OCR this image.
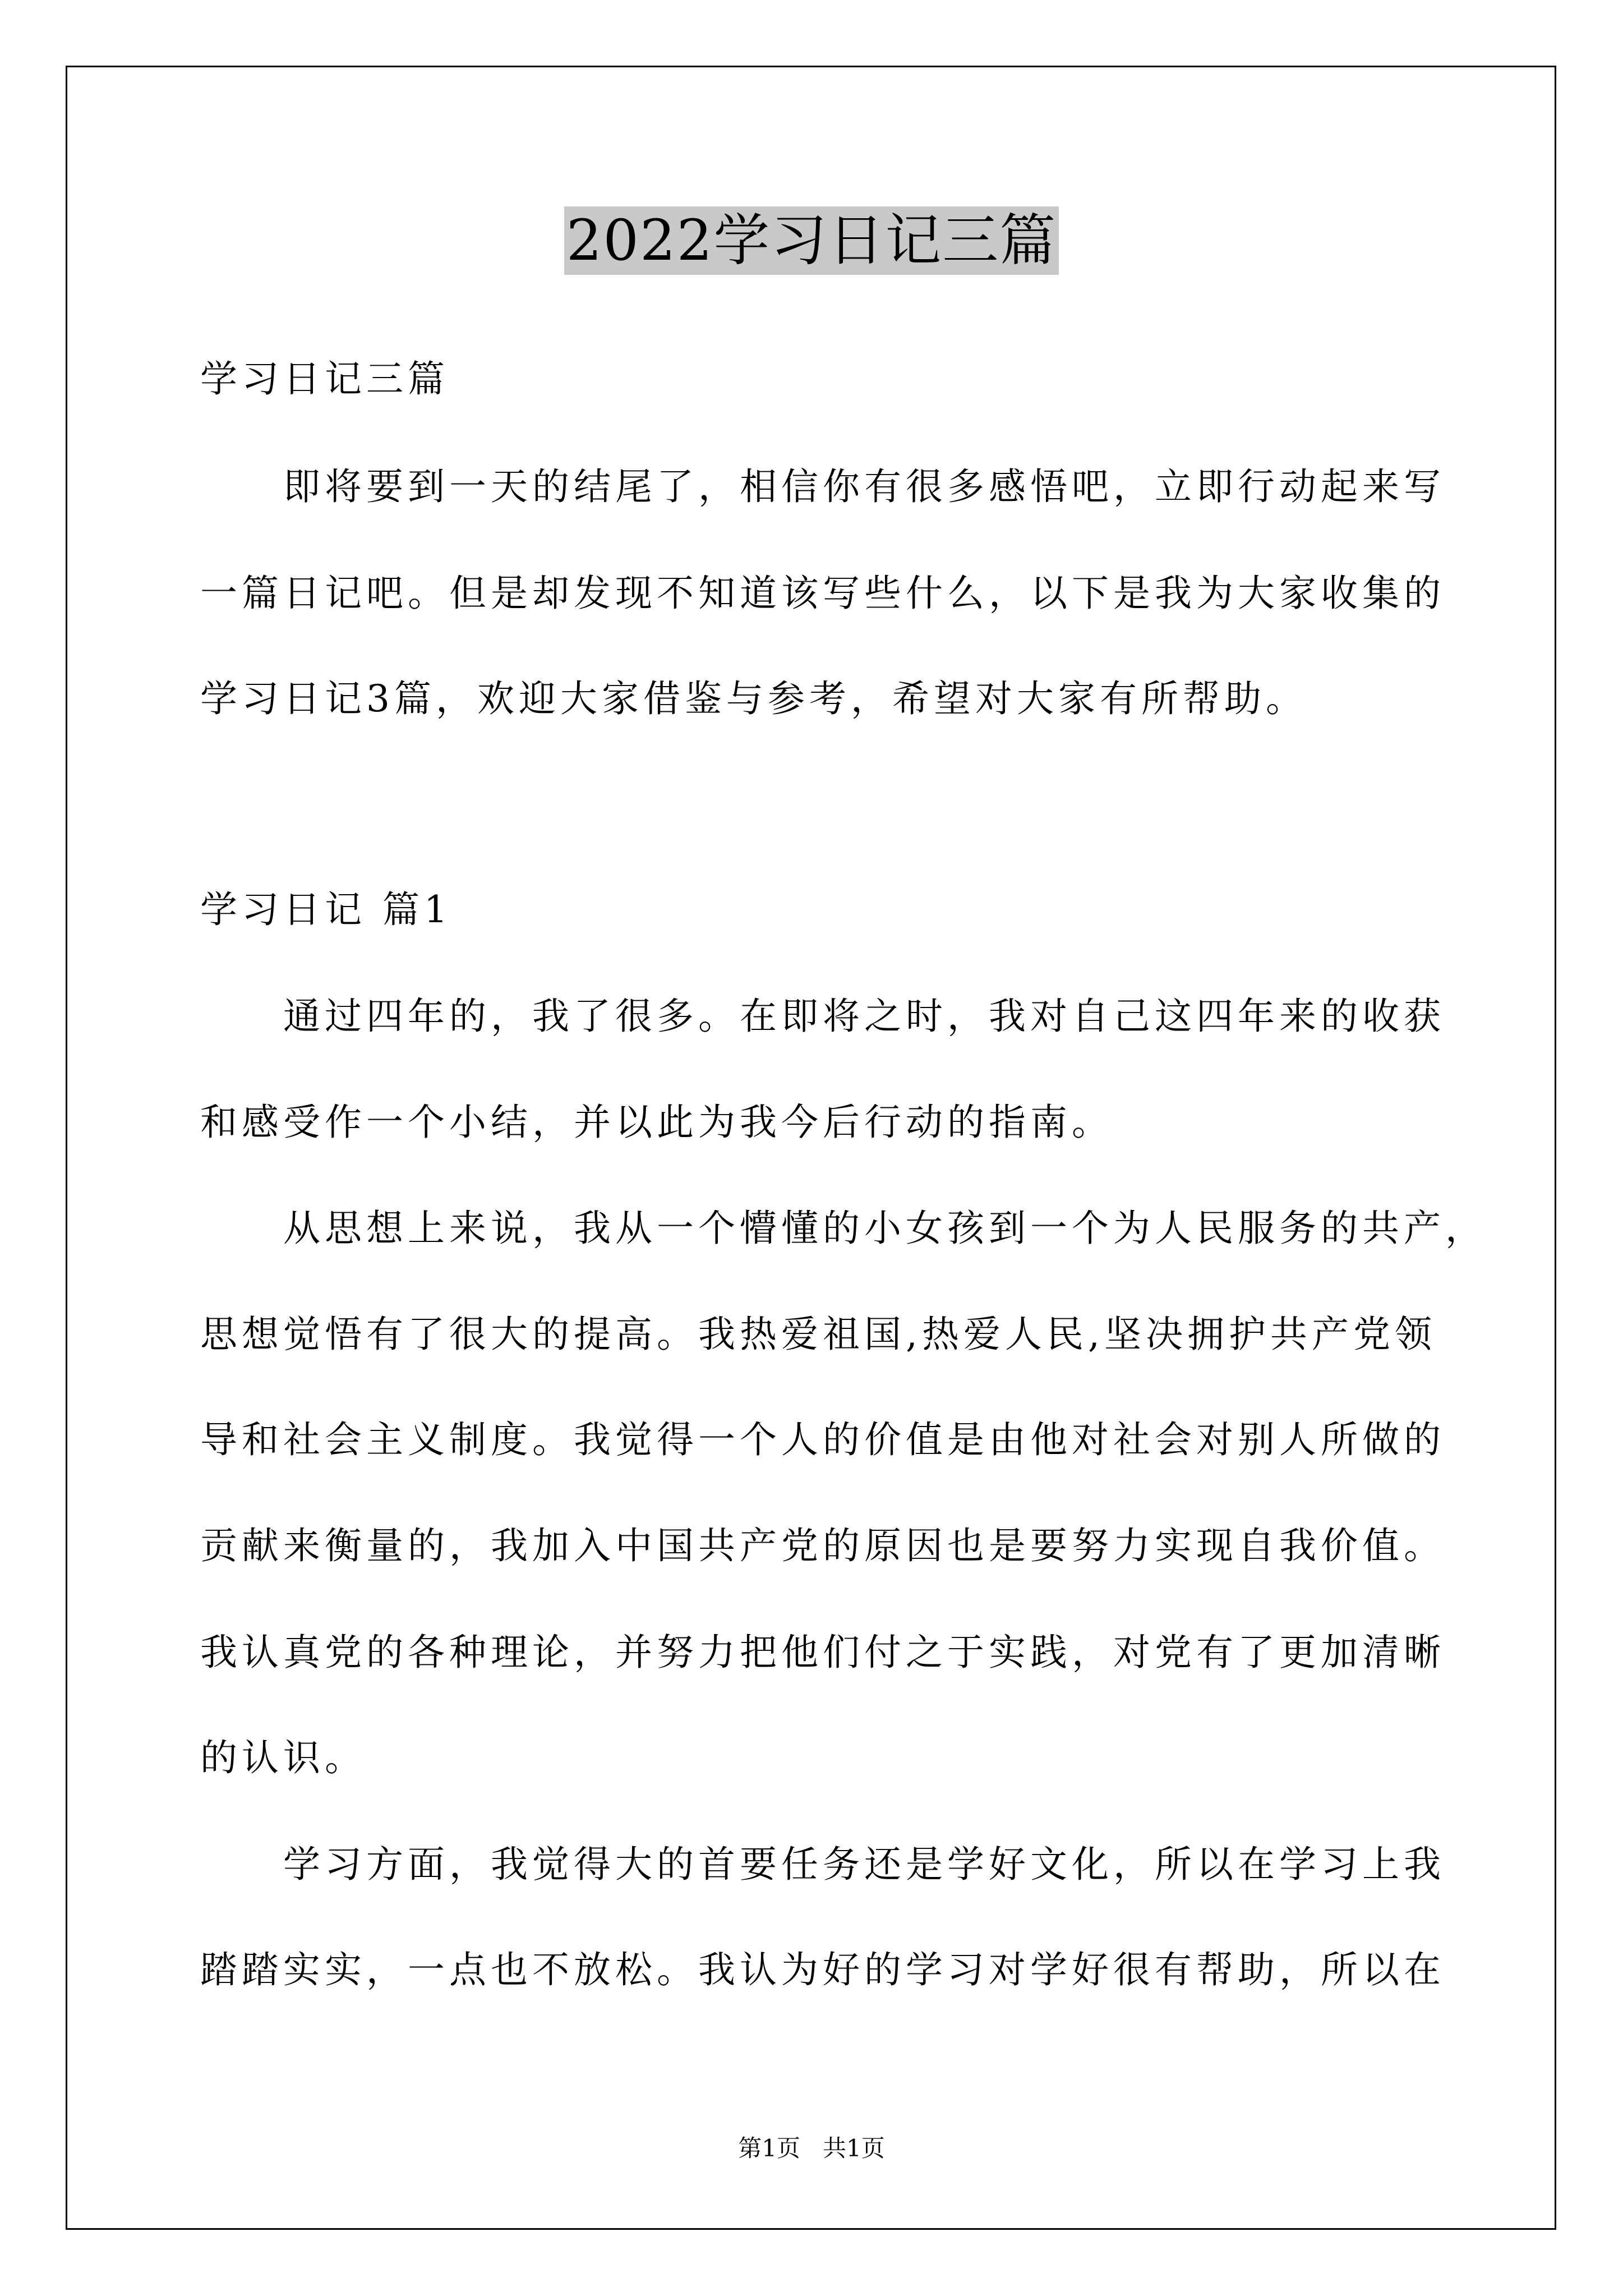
2022学习日记三篇
学习日记三篇
即将要到一天的结尾了，相信你有很多感悟吧，立即行动起来写
一篇日记吧。但是却发现不知道该写些什么，以下是我为大家收集的
学习日记3篇，欢迎大家借鉴与参考，希望对大家有所帮助。
学习日记 篇1
通过四年的，我了很多。在即将之时，我对自己这四年来的收获
和感受作一个小结，并以此为我今后行动的指南。
从思想上来说，我从一个懵懂的小女孩到一个为人民服务的共产，
思想觉悟有了很大的提高。我热爱祖国,热爱人民,坚决拥护共产党领
导和社会主义制度。我觉得一个人的价值是由他对社会对别人所做的
贡献来衡量的，我加入中国共产党的原因也是要努力实现自我价值。
我认真党的各种理论，并努力把他们付之于实践，对党有了更加清晰
的认识。
学习方面，我觉得大的首要任务还是学好文化，所以在学习上我
踏踏实实，一点也不放松。我认为好的学习对学好很有帮助，所以在
第1页   共1页
